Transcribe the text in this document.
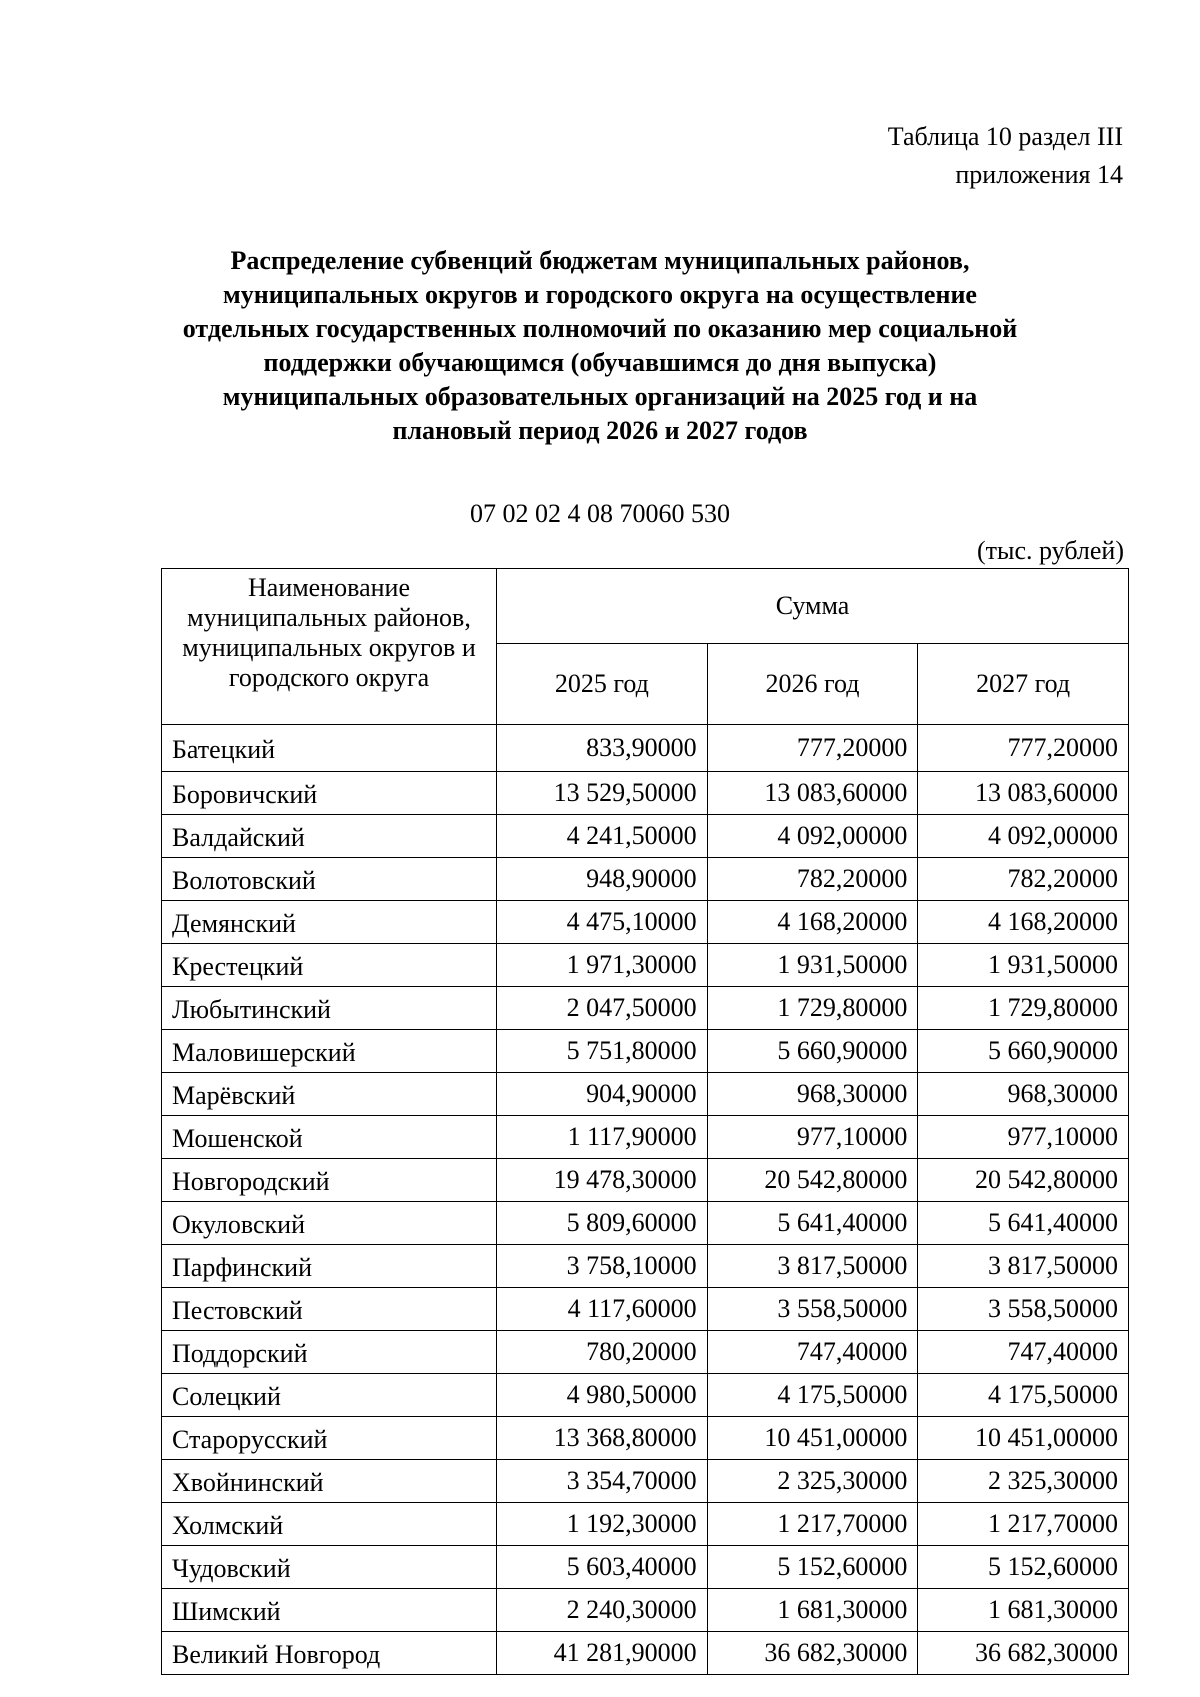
Таблица 10 раздел III
приложения 14
Распределение субвенций бюджетам муниципальных районов,
муниципальных округов и городского округа на осуществление
отдельных государственных полномочий по оказанию мер социальной
поддержки обучающимся (обучавшимся до дня выпуска)
муниципальных образовательных организаций на 2025 год и на
плановый период 2026 и 2027 годов
07 02 02 4 08 70060 530
(тыс. рублей)
Наименование муниципальных районов, муниципальных округов и городского округа	Сумма		
	2025 год	2026 год	2027 год
Батецкий	833,90000	777,20000	777,20000
Боровичский	13 529,50000	13 083,60000	13 083,60000
Валдайский	4 241,50000	4 092,00000	4 092,00000
Волотовский	948,90000	782,20000	782,20000
Демянский	4 475,10000	4 168,20000	4 168,20000
Крестецкий	1 971,30000	1 931,50000	1 931,50000
Любытинский	2 047,50000	1 729,80000	1 729,80000
Маловишерский	5 751,80000	5 660,90000	5 660,90000
Марёвский	904,90000	968,30000	968,30000
Мошенской	1 117,90000	977,10000	977,10000
Новгородский	19 478,30000	20 542,80000	20 542,80000
Окуловский	5 809,60000	5 641,40000	5 641,40000
Парфинский	3 758,10000	3 817,50000	3 817,50000
Пестовский	4 117,60000	3 558,50000	3 558,50000
Поддорский	780,20000	747,40000	747,40000
Солецкий	4 980,50000	4 175,50000	4 175,50000
Старорусский	13 368,80000	10 451,00000	10 451,00000
Хвойнинский	3 354,70000	2 325,30000	2 325,30000
Холмский	1 192,30000	1 217,70000	1 217,70000
Чудовский	5 603,40000	5 152,60000	5 152,60000
Шимский	2 240,30000	1 681,30000	1 681,30000
Великий Новгород	41 281,90000	36 682,30000	36 682,30000
